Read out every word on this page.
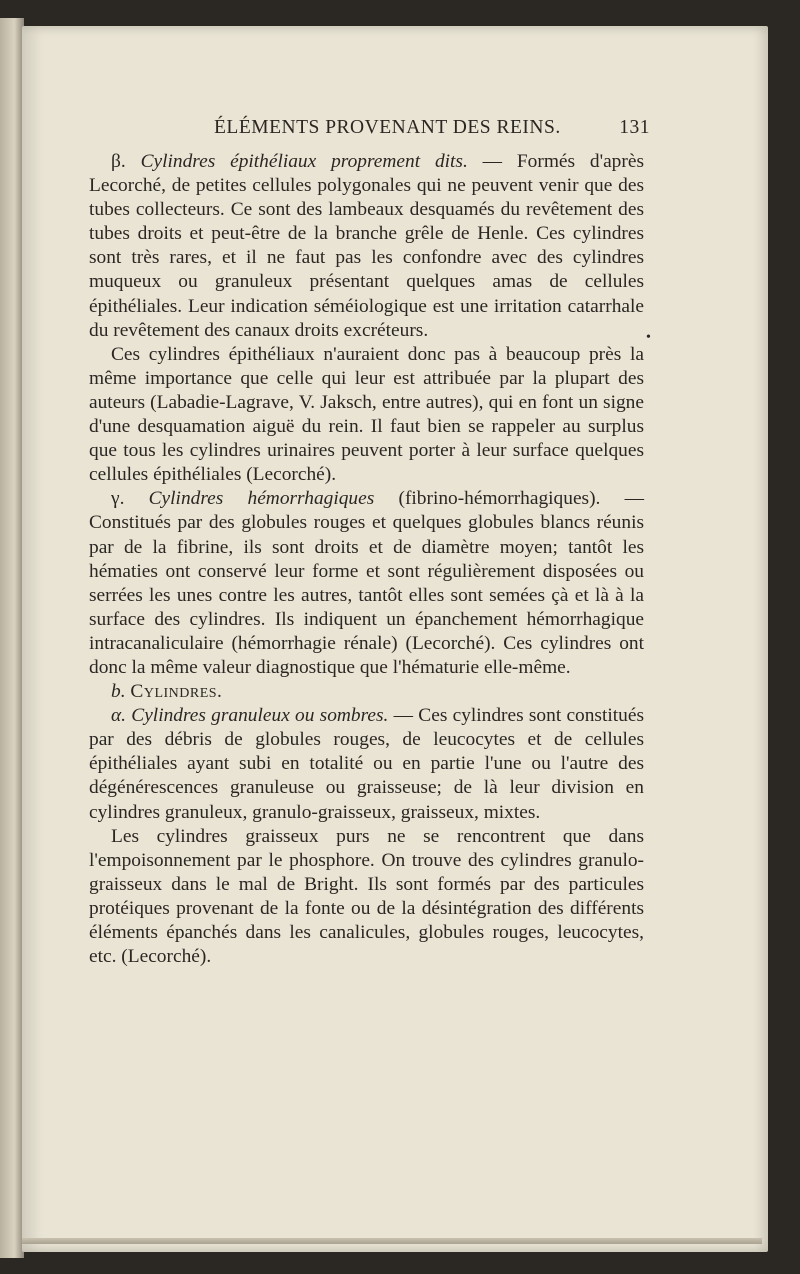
ÉLÉMENTS PROVENANT DES REINS.	131

β. Cylindres épithéliaux proprement dits. — Formés d'après Lecorché, de petites cellules polygonales qui ne peuvent venir que des tubes collecteurs. Ce sont des lambeaux desquamés du revêtement des tubes droits et peut-être de la branche grêle de Henle. Ces cylindres sont très rares, et il ne faut pas les confondre avec des cylindres muqueux ou granuleux présentant quelques amas de cellules épithéliales. Leur indication séméiologique est une irritation catarrhale du revêtement des canaux droits excréteurs.

Ces cylindres épithéliaux n'auraient donc pas à beaucoup près la même importance que celle qui leur est attribuée par la plupart des auteurs (Labadie-Lagrave, V. Jaksch, entre autres), qui en font un signe d'une desquamation aiguë du rein. Il faut bien se rappeler au surplus que tous les cylindres urinaires peuvent porter à leur surface quelques cellules épithéliales (Lecorché).

γ. Cylindres hémorrhagiques (fibrino-hémorrhagiques). — Constitués par des globules rouges et quelques globules blancs réunis par de la fibrine, ils sont droits et de diamètre moyen; tantôt les hématies ont conservé leur forme et sont régulièrement disposées ou serrées les unes contre les autres, tantôt elles sont semées çà et là à la surface des cylindres. Ils indiquent un épanchement hémorrhagique intracanaliculaire (hémorrhagie rénale) (Lecorché). Ces cylindres ont donc la même valeur diagnostique que l'hématurie elle-même.

b. Cylindres.

α. Cylindres granuleux ou sombres. — Ces cylindres sont constitués par des débris de globules rouges, de leucocytes et de cellules épithéliales ayant subi en totalité ou en partie l'une ou l'autre des dégénérescences granuleuse ou graisseuse; de là leur division en cylindres granuleux, granulo-graisseux, graisseux, mixtes.

Les cylindres graisseux purs ne se rencontrent que dans l'empoisonnement par le phosphore. On trouve des cylindres granulo-graisseux dans le mal de Bright. Ils sont formés par des particules protéiques provenant de la fonte ou de la désintégration des différents éléments épanchés dans les canalicules, globules rouges, leucocytes, etc. (Lecorché).

•
